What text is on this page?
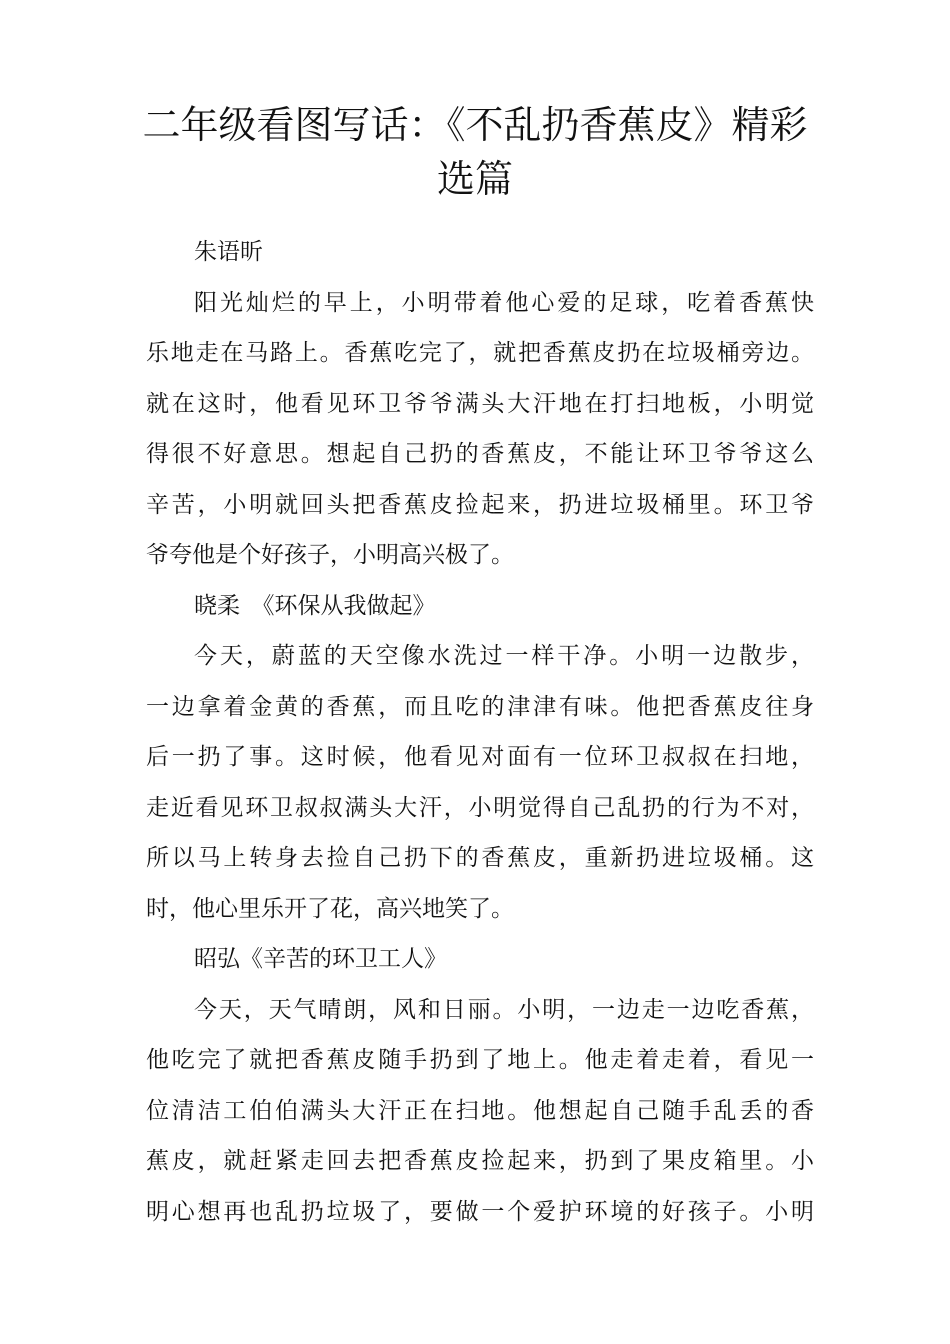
二年级看图写话：《不乱扔香蕉皮》精彩选篇

朱语昕

阳光灿烂的早上，小明带着他心爱的足球，吃着香蕉快

乐地走在马路上。香蕉吃完了，就把香蕉皮扔在垃圾桶旁边。

就在这时，他看见环卫爷爷满头大汗地在打扫地板，小明觉

得很不好意思。想起自己扔的香蕉皮，不能让环卫爷爷这么

辛苦，小明就回头把香蕉皮捡起来，扔进垃圾桶里。环卫爷

爷夸他是个好孩子，小明高兴极了。

晓柔　《环保从我做起》

今天，蔚蓝的天空像水洗过一样干净。小明一边散步，

一边拿着金黄的香蕉，而且吃的津津有味。他把香蕉皮往身

后一扔了事。这时候，他看见对面有一位环卫叔叔在扫地，

走近看见环卫叔叔满头大汗，小明觉得自己乱扔的行为不对，

所以马上转身去捡自己扔下的香蕉皮，重新扔进垃圾桶。这

时，他心里乐开了花，高兴地笑了。

昭弘《辛苦的环卫工人》

今天，天气晴朗，风和日丽。小明，一边走一边吃香蕉，

他吃完了就把香蕉皮随手扔到了地上。他走着走着，看见一

位清洁工伯伯满头大汗正在扫地。他想起自己随手乱丢的香

蕉皮，就赶紧走回去把香蕉皮捡起来，扔到了果皮箱里。小

明心想再也乱扔垃圾了，要做一个爱护环境的好孩子。小明
